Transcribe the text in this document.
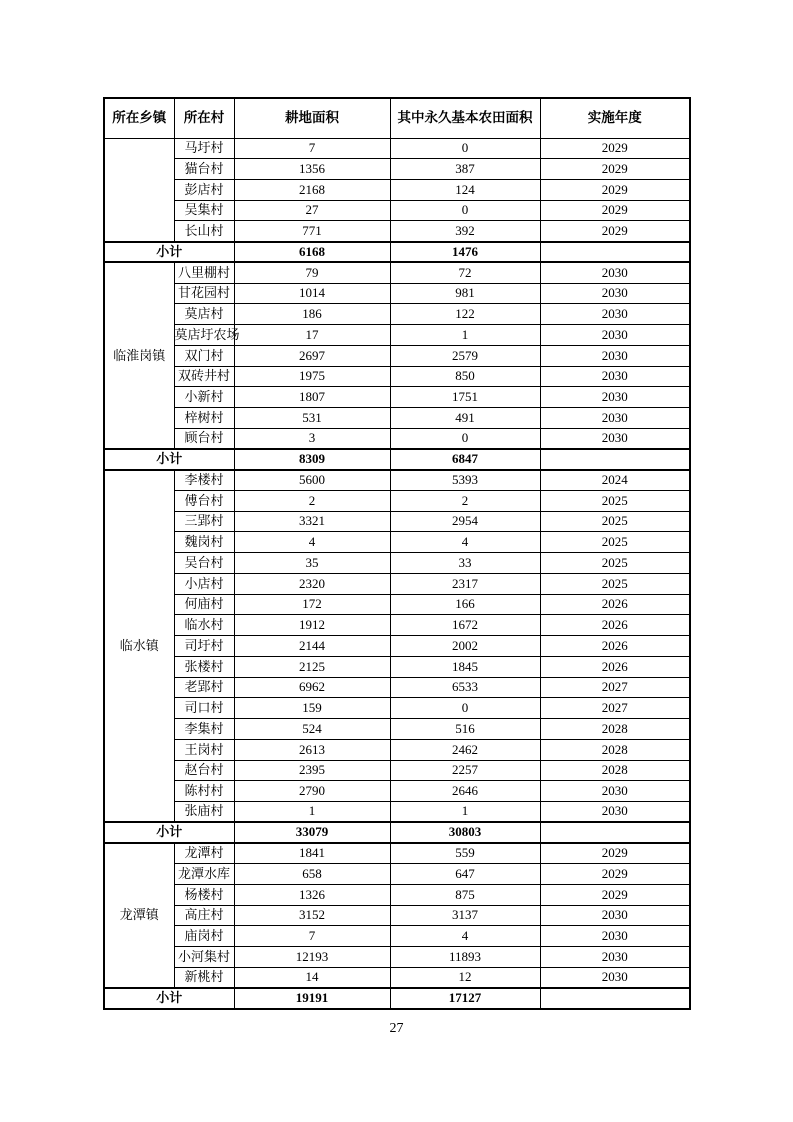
所在乡镇	所在村	耕地面积	其中永久基本农田面积	实施年度
	马圩村	7	0	2029
	猫台村	1356	387	2029
	彭店村	2168	124	2029
	吴集村	27	0	2029
	长山村	771	392	2029
小计		6168	1476	
临淮岗镇	八里棚村	79	72	2030
	甘花园村	1014	981	2030
	莫店村	186	122	2030
	莫店圩农场	17	1	2030
	双门村	2697	2579	2030
	双砖井村	1975	850	2030
	小新村	1807	1751	2030
	梓树村	531	491	2030
	顾台村	3	0	2030
小计		8309	6847	
临水镇	李楼村	5600	5393	2024
	傅台村	2	2	2025
	三郢村	3321	2954	2025
	魏岗村	4	4	2025
	吴台村	35	33	2025
	小店村	2320	2317	2025
	何庙村	172	166	2026
	临水村	1912	1672	2026
	司圩村	2144	2002	2026
	张楼村	2125	1845	2026
	老郢村	6962	6533	2027
	司口村	159	0	2027
	李集村	524	516	2028
	王岗村	2613	2462	2028
	赵台村	2395	2257	2028
	陈村村	2790	2646	2030
	张庙村	1	1	2030
小计		33079	30803	
龙潭镇	龙潭村	1841	559	2029
	龙潭水库	658	647	2029
	杨楼村	1326	875	2029
	高庄村	3152	3137	2030
	庙岗村	7	4	2030
	小河集村	12193	11893	2030
	新桃村	14	12	2030
小计		19191	17127	
27
